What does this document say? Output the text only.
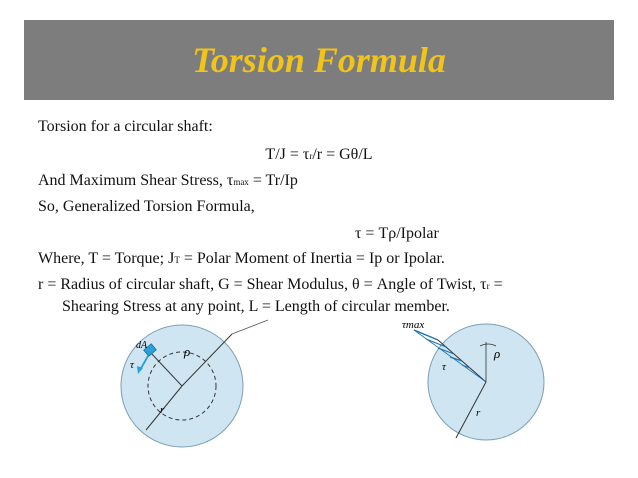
Torsion Formula
Torsion for a circular shaft:
T/J = τr/r = Gθ/L
And Maximum Shear Stress, τmax = Tr/Ip
So, Generalized Torsion Formula,
τ = Tρ/Ipolar
Where, T = Torque; JT = Polar Moment of Inertia = Ip or Ipolar.
r = Radius of circular shaft, G = Shear Modulus, θ = Angle of Twist, τr =
Shearing Stress at any point, L = Length of circular member.
dA
τ
ρ
r
τmax
τ
ρ
r
